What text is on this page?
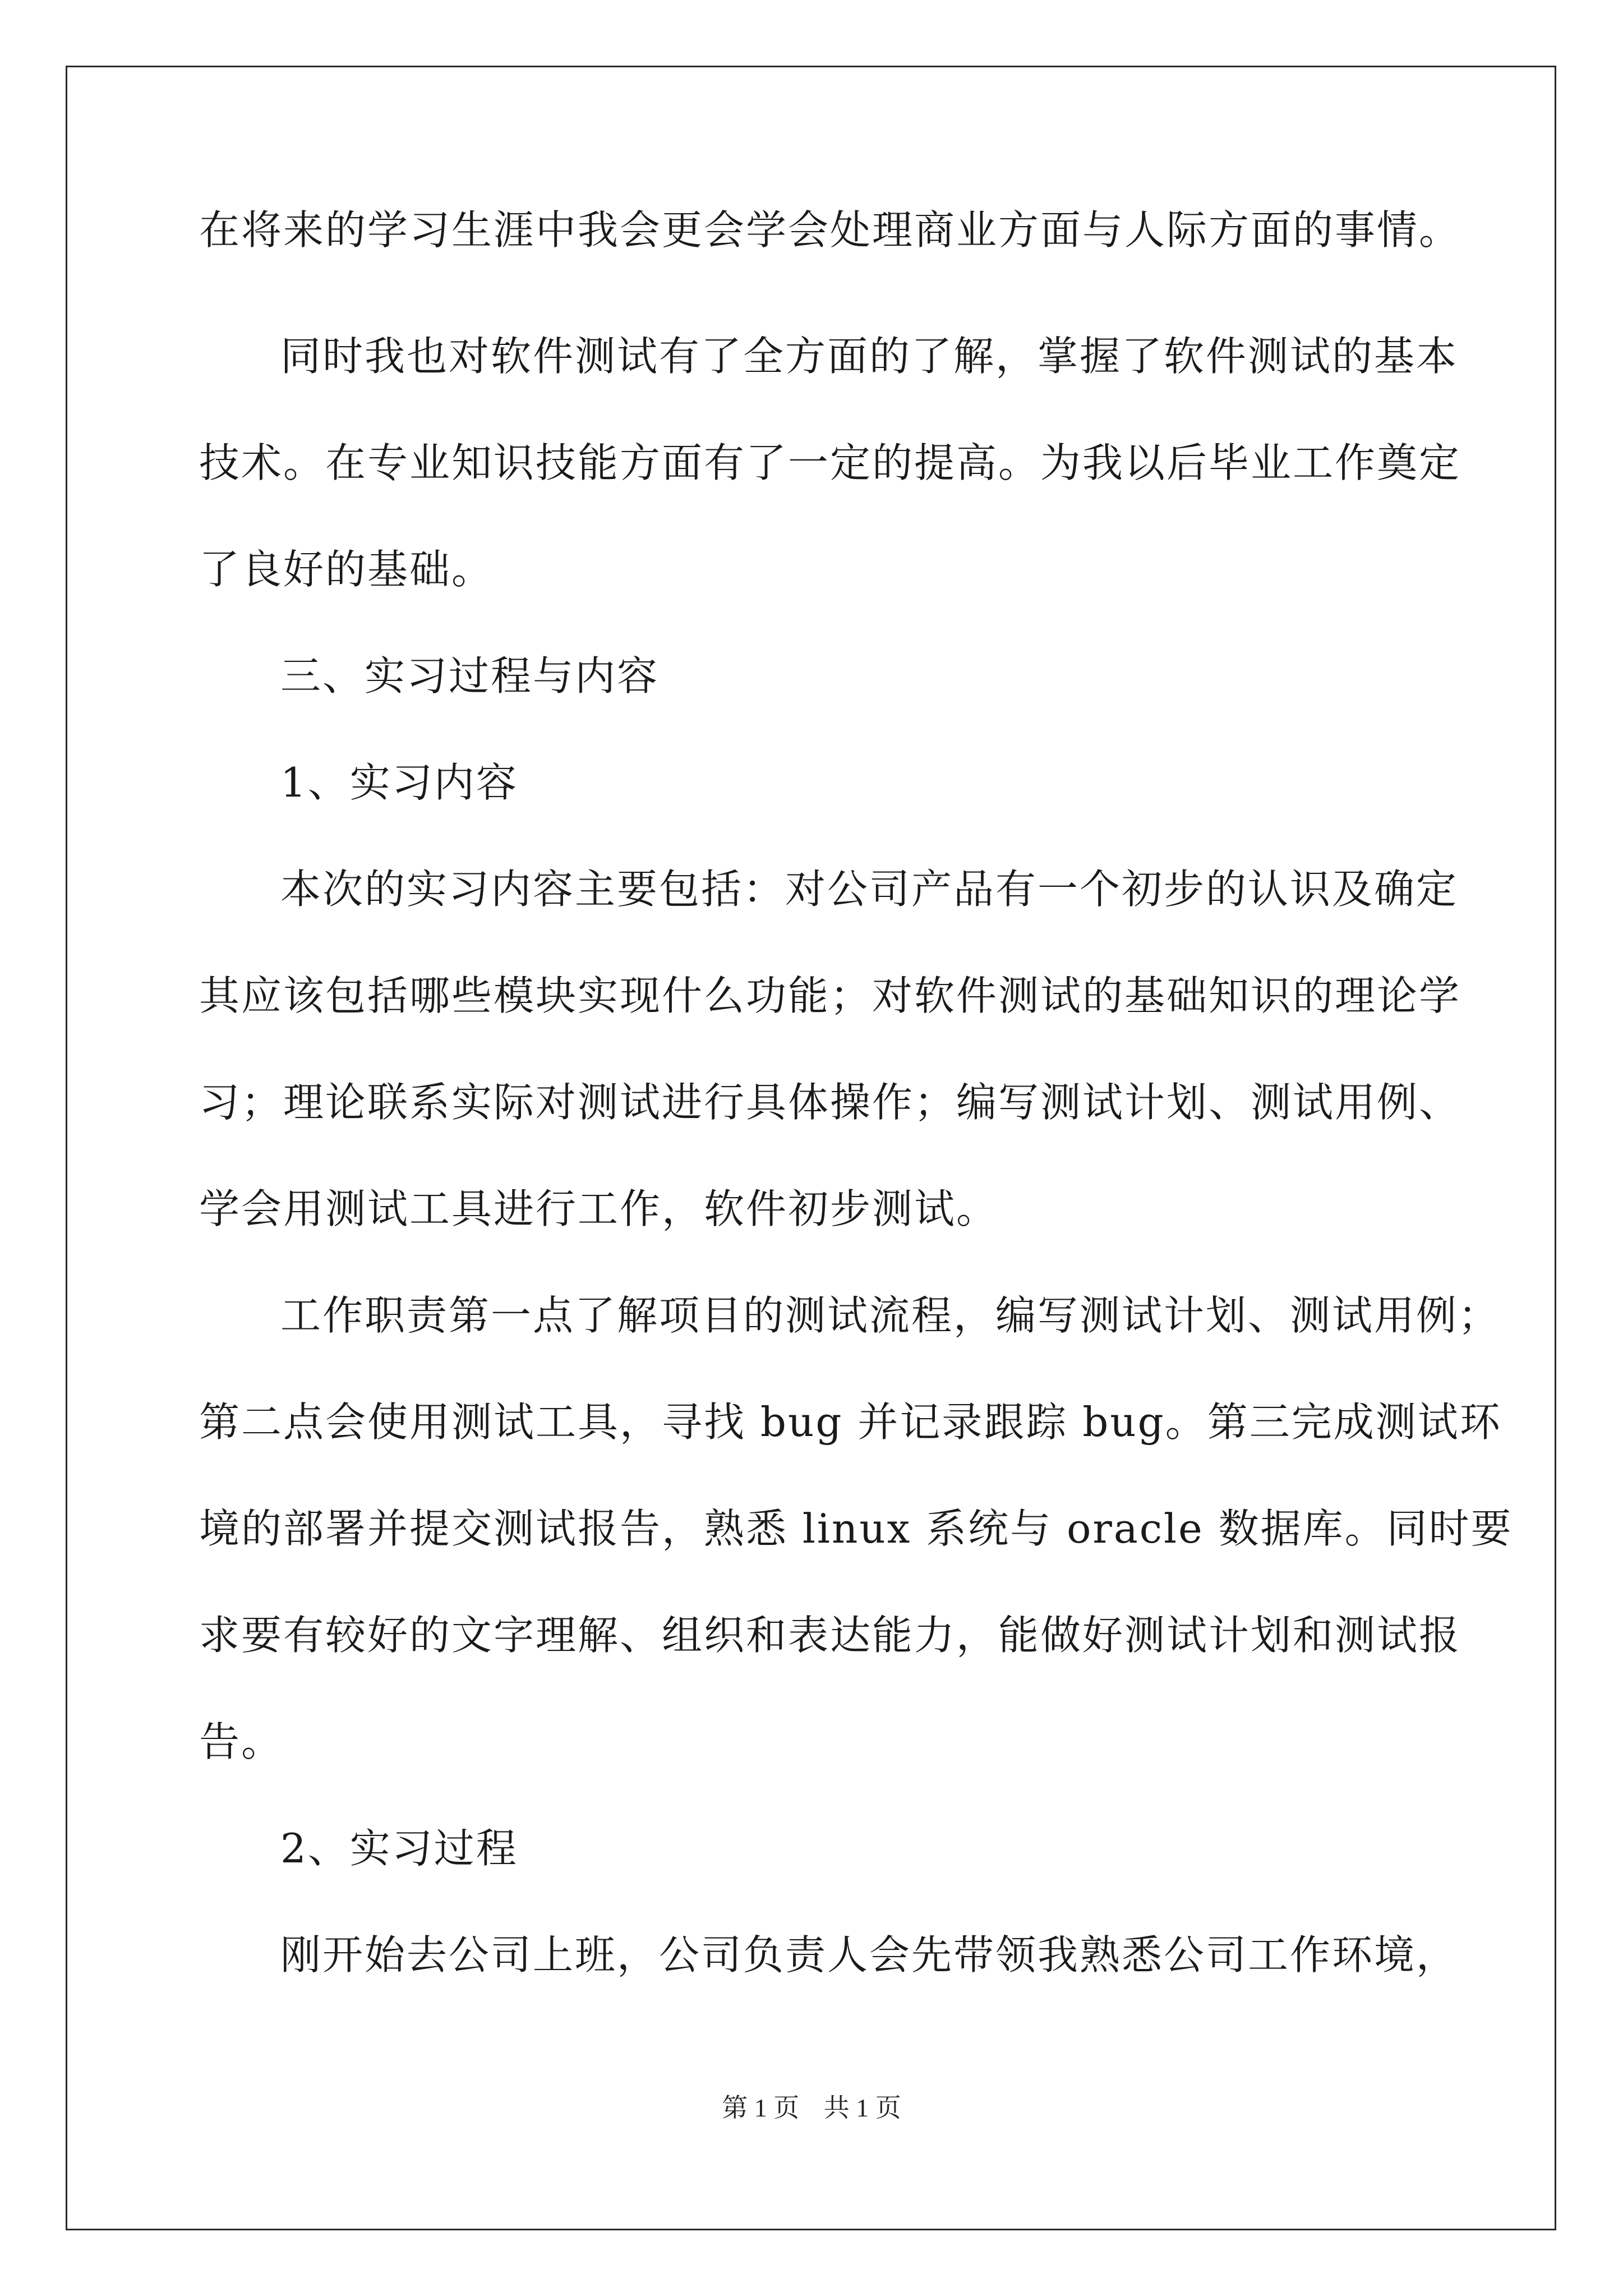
在将来的学习生涯中我会更会学会处理商业方面与人际方面的事情。
同时我也对软件测试有了全方面的了解，掌握了软件测试的基本
技术。在专业知识技能方面有了一定的提高。为我以后毕业工作奠定
了良好的基础。
三、实习过程与内容
1、实习内容
本次的实习内容主要包括：对公司产品有一个初步的认识及确定
其应该包括哪些模块实现什么功能；对软件测试的基础知识的理论学
习；理论联系实际对测试进行具体操作；编写测试计划、测试用例、
学会用测试工具进行工作，软件初步测试。
工作职责第一点了解项目的测试流程，编写测试计划、测试用例；
第二点会使用测试工具，寻找 bug 并记录跟踪 bug。第三完成测试环
境的部署并提交测试报告，熟悉 linux 系统与 oracle 数据库。同时要
求要有较好的文字理解、组织和表达能力，能做好测试计划和测试报
告。
2、实习过程
刚开始去公司上班，公司负责人会先带领我熟悉公司工作环境，
第 1 页 共 1 页
